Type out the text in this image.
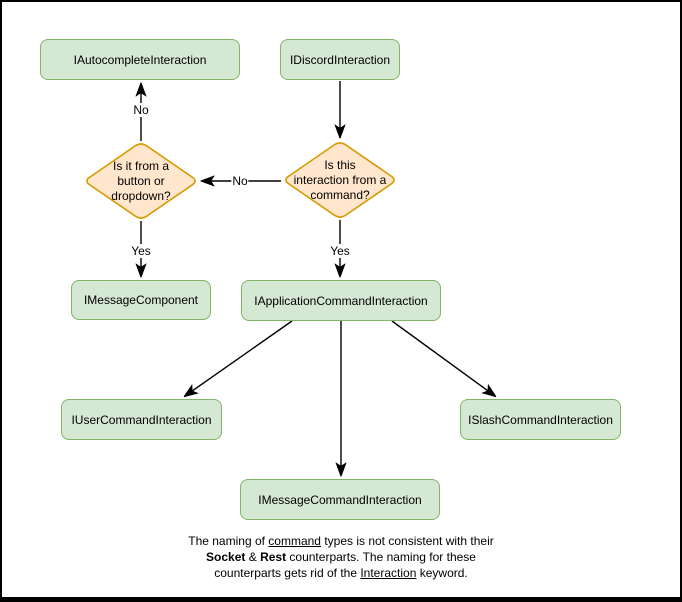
IAutocompleteInteraction	IDiscordInteraction
IMessageComponent	IApplicationCommandInteraction
IUserCommandInteraction	ISlashCommandInteraction
IMessageCommandInteraction
Is it from a
button or
dropdown?
Is this
interaction from a
command?
No
No
Yes	Yes
The naming of command types is not consistent with their
Socket & Rest counterparts. The naming for these
counterparts gets rid of the Interaction keyword.
